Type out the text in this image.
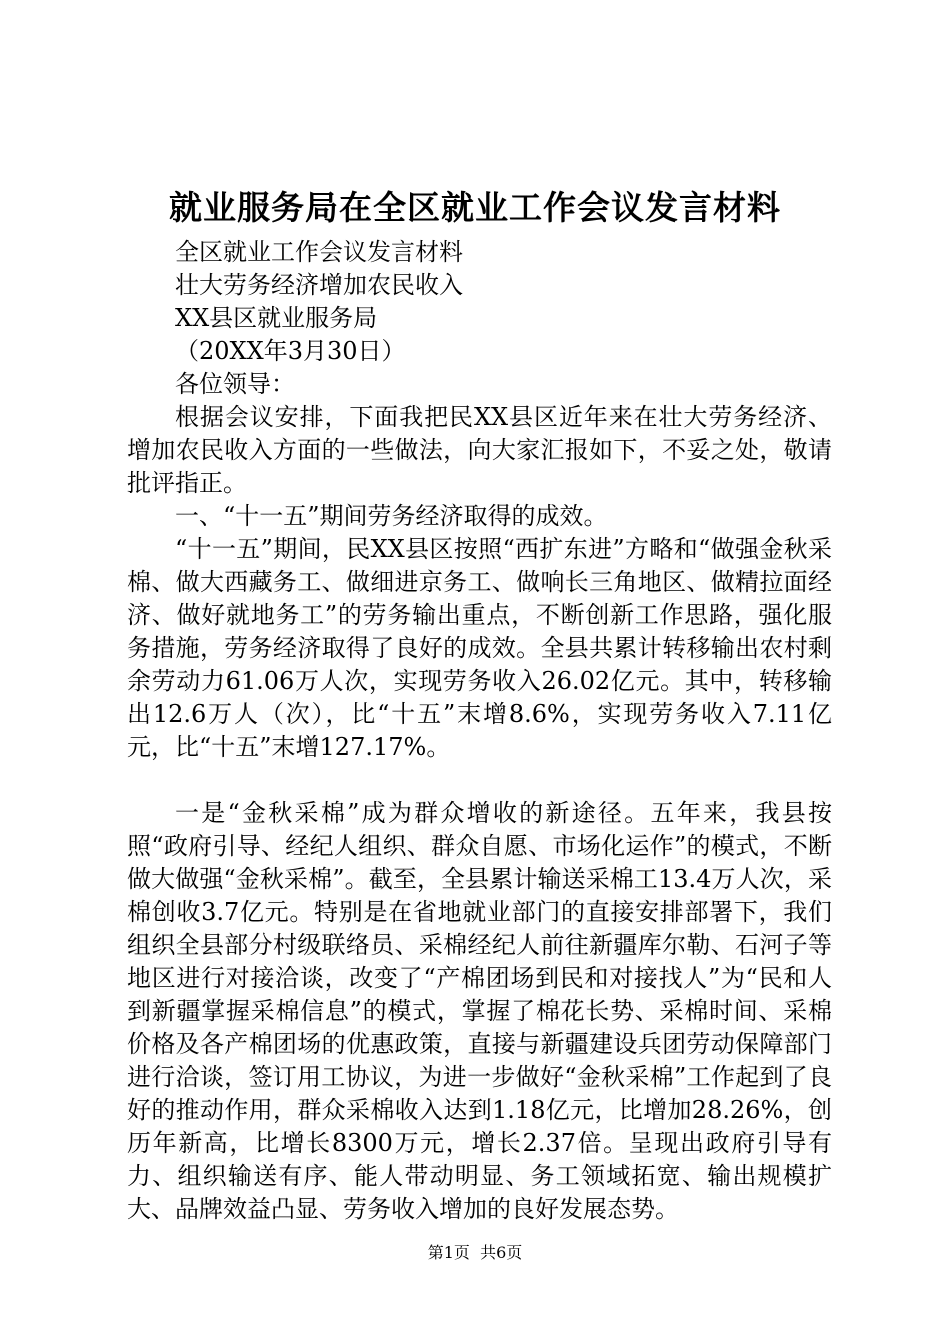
就业服务局在全区就业工作会议发言材料

全区就业工作会议发言材料

壮大劳务经济增加农民收入

XX县区就业服务局

（20XX年3月30日）

各位领导：

根据会议安排，下面我把民XX县区近年来在壮大劳务经济、增加农民收入方面的一些做法，向大家汇报如下，不妥之处，敬请批评指正。

一、“十一五”期间劳务经济取得的成效。

“十一五”期间，民XX县区按照“西扩东进”方略和“做强金秋采棉、做大西藏务工、做细进京务工、做响长三角地区、做精拉面经济、做好就地务工”的劳务输出重点，不断创新工作思路，强化服务措施，劳务经济取得了良好的成效。全县共累计转移输出农村剩余劳动力61.06万人次，实现劳务收入26.02亿元。其中，转移输出12.6万人（次），比“十五”末增8.6%，实现劳务收入7.11亿元，比“十五”末增127.17%。

一是“金秋采棉”成为群众增收的新途径。五年来，我县按照“政府引导、经纪人组织、群众自愿、市场化运作”的模式，不断做大做强“金秋采棉”。截至，全县累计输送采棉工13.4万人次，采棉创收3.7亿元。特别是在省地就业部门的直接安排部署下，我们组织全县部分村级联络员、采棉经纪人前往新疆库尔勒、石河子等地区进行对接洽谈，改变了“产棉团场到民和对接找人”为“民和人到新疆掌握采棉信息”的模式，掌握了棉花长势、采棉时间、采棉价格及各产棉团场的优惠政策，直接与新疆建设兵团劳动保障部门进行洽谈，签订用工协议，为进一步做好“金秋采棉”工作起到了良好的推动作用，群众采棉收入达到1.18亿元，比增加28.26%，创历年新高，比增长8300万元，增长2.37倍。呈现出政府引导有力、组织输送有序、能人带动明显、务工领域拓宽、输出规模扩大、品牌效益凸显、劳务收入增加的良好发展态势。

第1页 共6页
